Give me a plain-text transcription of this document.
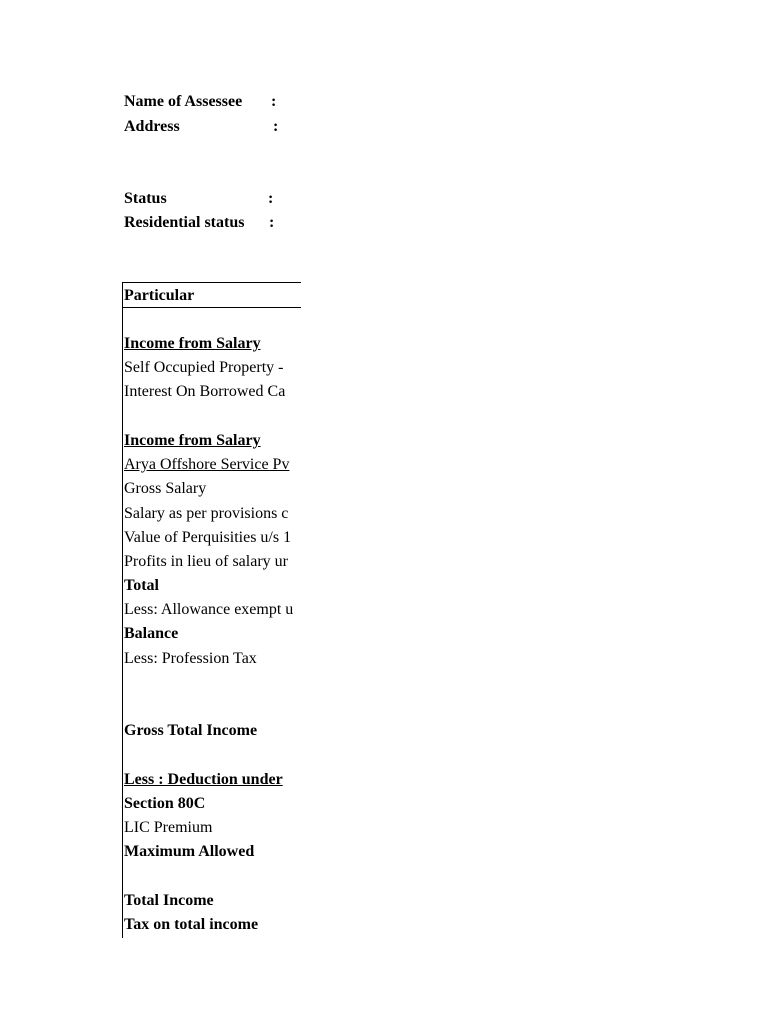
Name of Assessee :
Address	:
Status	:
Residential status :
Particular
Income from Salary
Self Occupied Property -
Interest On Borrowed Ca
Income from Salary
Arya Offshore Service Pv
Gross Salary
Salary as per provisions c
Value of Perquisities u/s 1
Profits in lieu of salary ur
Total
Less: Allowance exempt u
Balance
Less: Profession Tax
Gross Total Income
Less : Deduction under
Section 80C
LIC Premium
Maximum Allowed
Total Income
Tax on total income
